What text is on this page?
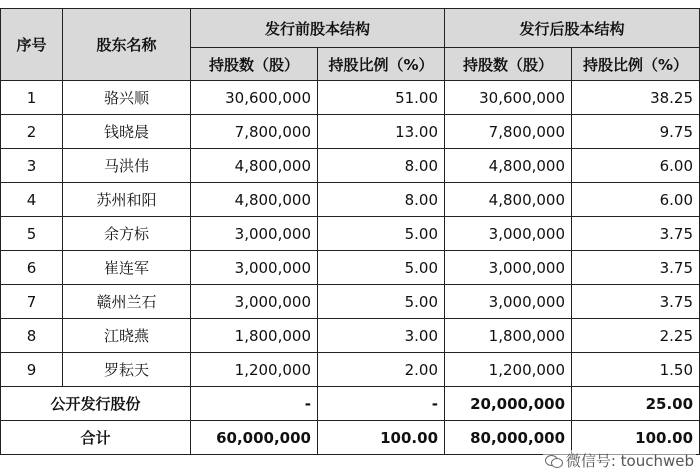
序号	股东名称	发行前股本结构		发行后股本结构	
		持股数（股）	持股比例（%）	持股数（股）	持股比例（%）
1	骆兴顺	30,600,000	51.00	30,600,000	38.25
2	钱晓晨	7,800,000	13.00	7,800,000	9.75
3	马洪伟	4,800,000	8.00	4,800,000	6.00
4	苏州和阳	4,800,000	8.00	4,800,000	6.00
5	余方标	3,000,000	5.00	3,000,000	3.75
6	崔连军	3,000,000	5.00	3,000,000	3.75
7	赣州兰石	3,000,000	5.00	3,000,000	3.75
8	江晓燕	1,800,000	3.00	1,800,000	2.25
9	罗耘天	1,200,000	2.00	1,200,000	1.50
公开发行股份		-	-	20,000,000	25.00
合计		60,000,000	100.00	80,000,000	100.00
微信号: touchweb
